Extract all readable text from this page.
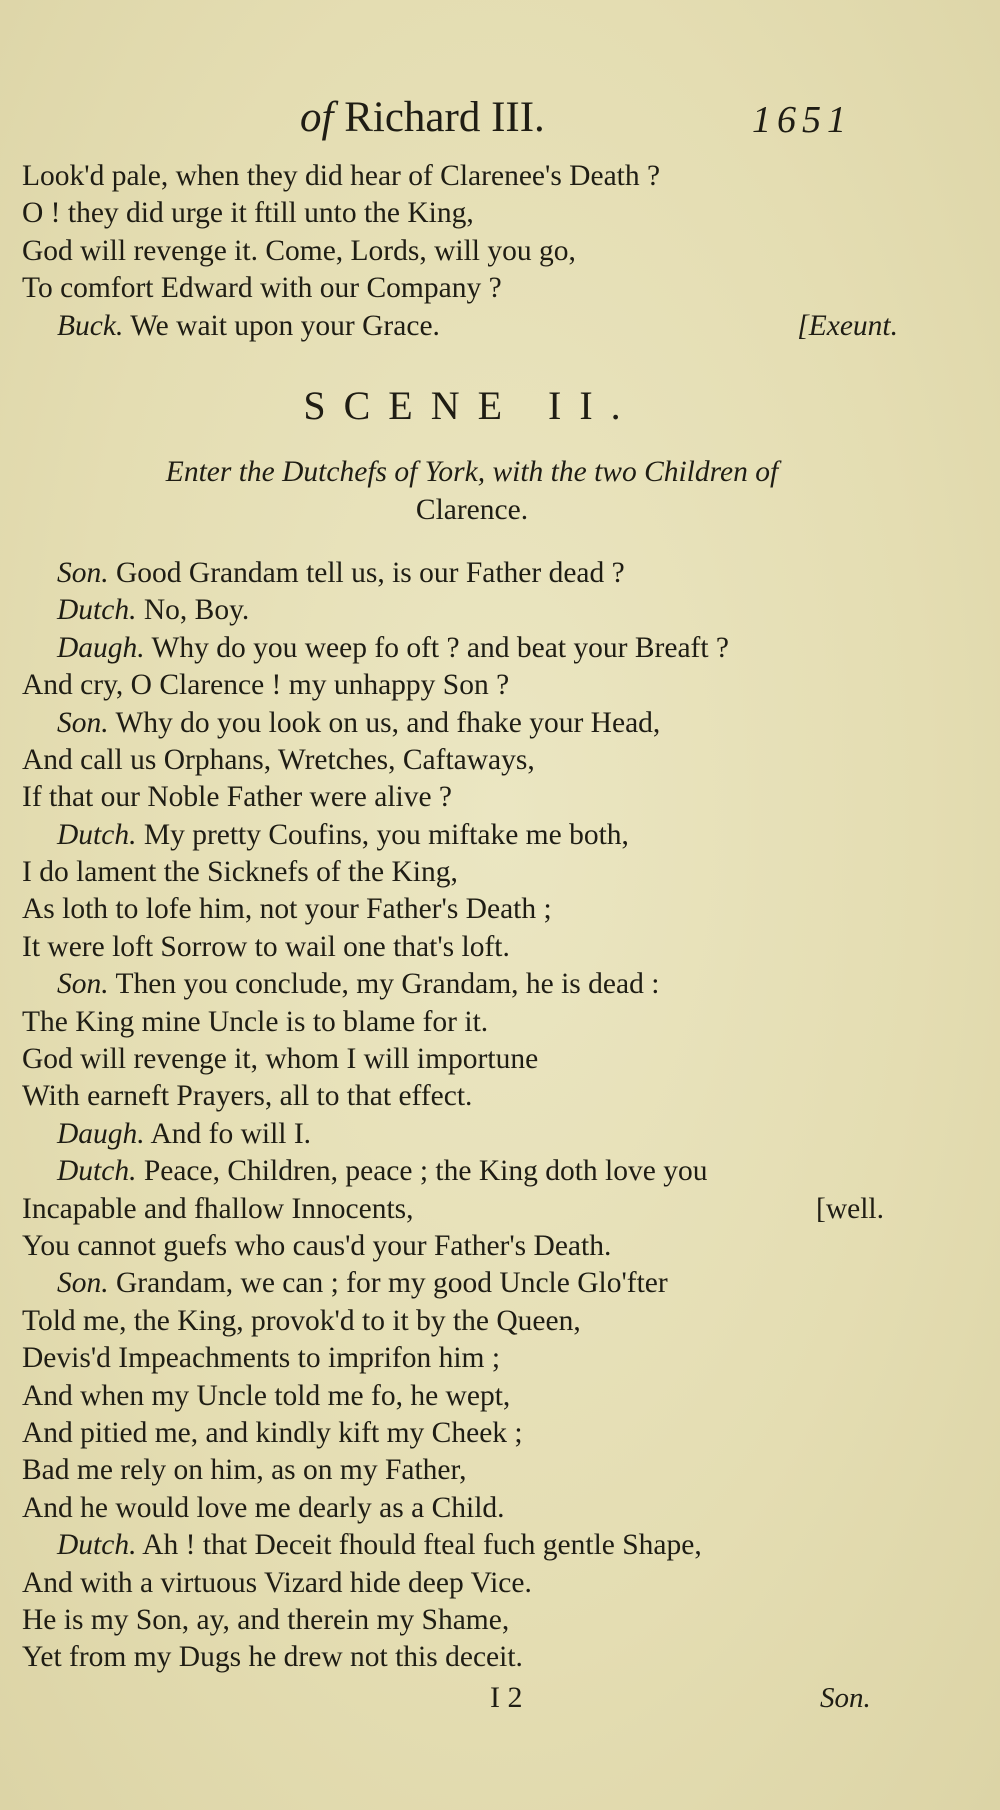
of Richard III.	1651
Look'd pale, when they did hear of Clarenee's Death ?
O ! they did urge it ftill unto the King,
God will revenge it. Come, Lords, will you go,
To comfort Edward with our Company ?
Buck. We wait upon your Grace.	[Exeunt.
SCENE II.
Enter the Dutchefs of York, with the two Children of
Clarence.
Son. Good Grandam tell us, is our Father dead ?
Dutch. No, Boy.
Daugh. Why do you weep fo oft ? and beat your Breaft ?
And cry, O Clarence ! my unhappy Son ?
Son. Why do you look on us, and fhake your Head,
And call us Orphans, Wretches, Caftaways,
If that our Noble Father were alive ?
Dutch. My pretty Coufins, you miftake me both,
I do lament the Sicknefs of the King,
As loth to lofe him, not your Father's Death ;
It were loft Sorrow to wail one that's loft.
Son. Then you conclude, my Grandam, he is dead :
The King mine Uncle is to blame for it.
God will revenge it, whom I will importune
With earneft Prayers, all to that effect.
Daugh. And fo will I.
Dutch. Peace, Children, peace ; the King doth love you
Incapable and fhallow Innocents,	[well.
You cannot guefs who caus'd your Father's Death.
Son. Grandam, we can ; for my good Uncle Glo'fter
Told me, the King, provok'd to it by the Queen,
Devis'd Impeachments to imprifon him ;
And when my Uncle told me fo, he wept,
And pitied me, and kindly kift my Cheek ;
Bad me rely on him, as on my Father,
And he would love me dearly as a Child.
Dutch. Ah ! that Deceit fhould fteal fuch gentle Shape,
And with a virtuous Vizard hide deep Vice.
He is my Son, ay, and therein my Shame,
Yet from my Dugs he drew not this deceit.
I 2	Son.
